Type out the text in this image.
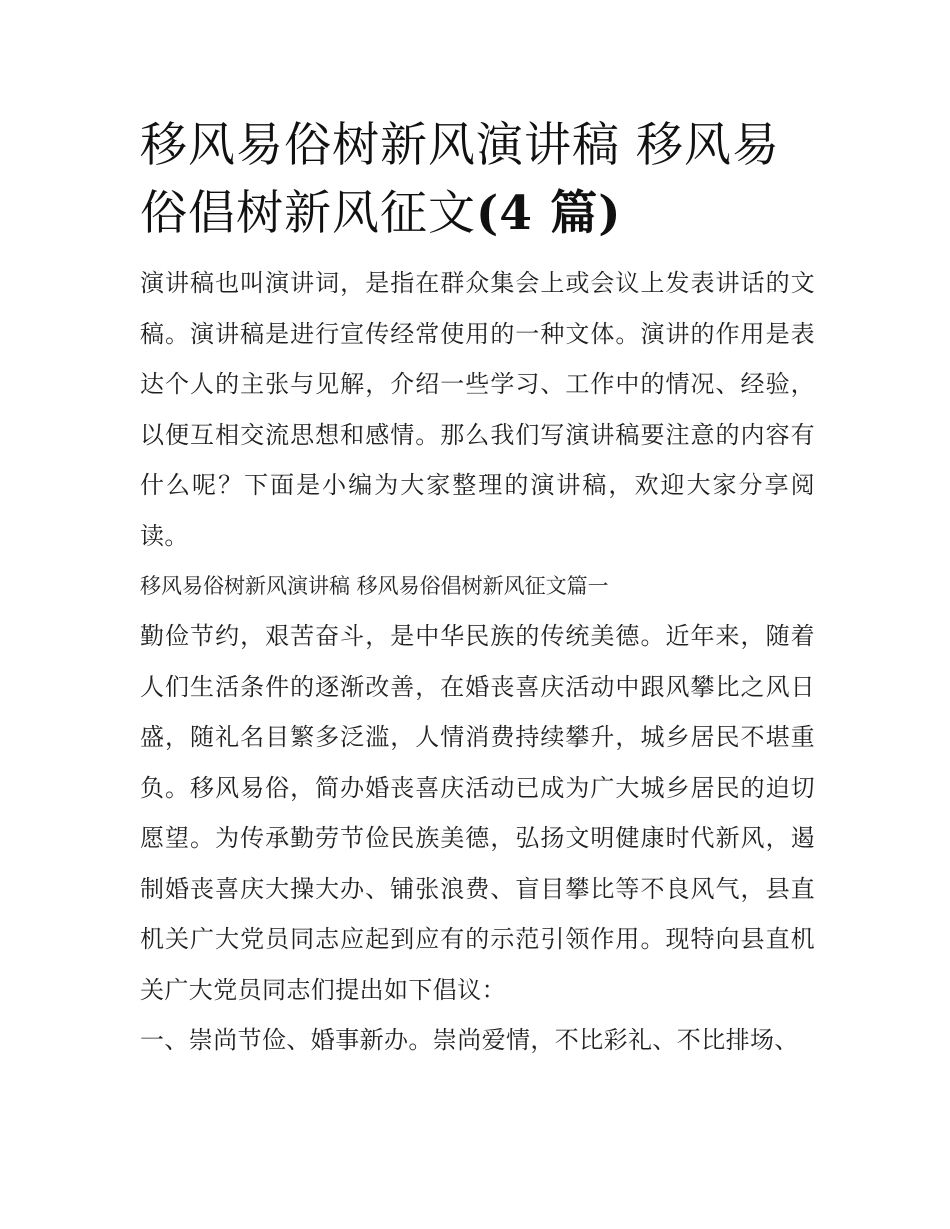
移风易俗树新风演讲稿 移风易俗倡树新风征文(4 篇)

演讲稿也叫演讲词，是指在群众集会上或会议上发表讲话的文稿。演讲稿是进行宣传经常使用的一种文体。演讲的作用是表达个人的主张与见解，介绍一些学习、工作中的情况、经验，以便互相交流思想和感情。那么我们写演讲稿要注意的内容有什么呢？下面是小编为大家整理的演讲稿，欢迎大家分享阅读。

移风易俗树新风演讲稿 移风易俗倡树新风征文篇一

勤俭节约，艰苦奋斗，是中华民族的传统美德。近年来，随着人们生活条件的逐渐改善，在婚丧喜庆活动中跟风攀比之风日盛，随礼名目繁多泛滥，人情消费持续攀升，城乡居民不堪重负。移风易俗，简办婚丧喜庆活动已成为广大城乡居民的迫切愿望。为传承勤劳节俭民族美德，弘扬文明健康时代新风，遏制婚丧喜庆大操大办、铺张浪费、盲目攀比等不良风气，县直机关广大党员同志应起到应有的示范引领作用。现特向县直机关广大党员同志们提出如下倡议：

一、崇尚节俭、婚事新办。崇尚爱情，不比彩礼、不比排场、
